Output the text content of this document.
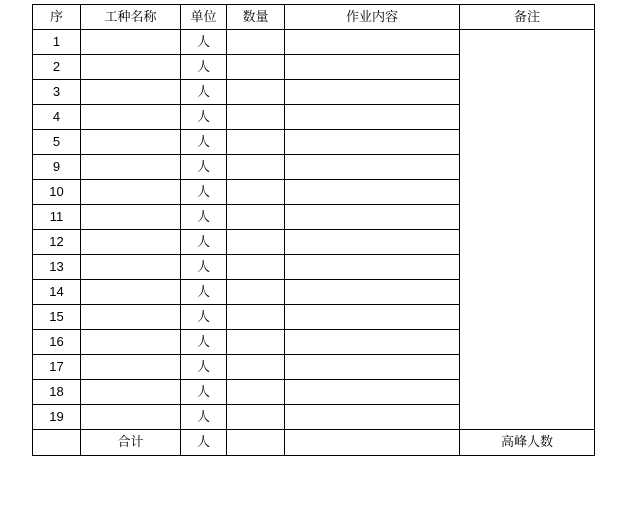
序	工种名称	单位	数量	作业内容	备注
1		人			
2		人			
3		人			
4		人			
5		人			
9		人			
10		人			
11		人			
12		人			
13		人			
14		人			
15		人			
16		人			
17		人			
18		人			
19		人			
	合计	人			高峰人数
